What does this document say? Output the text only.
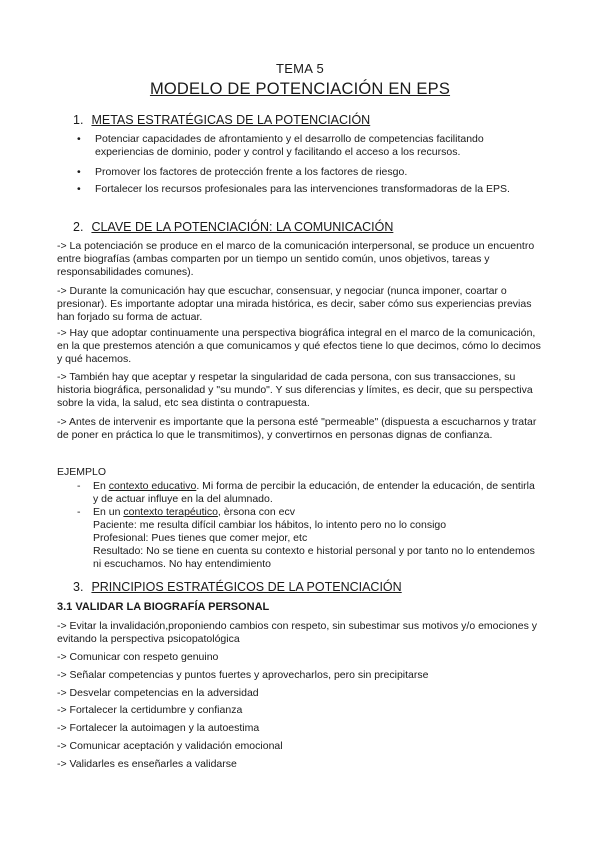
TEMA 5
MODELO DE POTENCIACIÓN EN EPS
1. METAS ESTRATÉGICAS DE LA POTENCIACIÓN
• Potenciar capacidades de afrontamiento y el desarrollo de competencias facilitando experiencias de dominio, poder y control y facilitando el acceso a los recursos.
• Promover los factores de protección frente a los factores de riesgo.
• Fortalecer los recursos profesionales para las intervenciones transformadoras de la EPS.
2. CLAVE DE LA POTENCIACIÓN: LA COMUNICACIÓN
-> La potenciación se produce en el marco de la comunicación interpersonal, se produce un encuentro entre biografías (ambas comparten por un tiempo un sentido común, unos objetivos, tareas y responsabilidades comunes).
-> Durante la comunicación hay que escuchar, consensuar, y negociar (nunca imponer, coartar o presionar). Es importante adoptar una mirada histórica, es decir, saber cómo sus experiencias previas han forjado su forma de actuar.
-> Hay que adoptar continuamente una perspectiva biográfica integral en el marco de la comunicación, en la que prestemos atención a que comunicamos y qué efectos tiene lo que decimos, cómo lo decimos y qué hacemos.
-> También hay que aceptar y respetar la singularidad de cada persona, con sus transacciones, su historia biográfica, personalidad y "su mundo". Y sus diferencias y límites, es decir, que su perspectiva sobre la vida, la salud, etc sea distinta o contrapuesta.
-> Antes de intervenir es importante que la persona esté "permeable" (dispuesta a escucharnos y tratar de poner en práctica lo que le transmitimos), y convertirnos en personas dignas de confianza.
EJEMPLO
- En contexto educativo. Mi forma de percibir la educación, de entender la educación, de sentirla y de actuar influye en la del alumnado.
- En un contexto terapéutico, èrsona con ecv
Paciente: me resulta difícil cambiar los hábitos, lo intento pero no lo consigo
Profesional: Pues tienes que comer mejor, etc
Resultado: No se tiene en cuenta su contexto e historial personal y por tanto no lo entendemos ni escuchamos. No hay entendimiento
3. PRINCIPIOS ESTRATÉGICOS DE LA POTENCIACIÓN
3.1 VALIDAR LA BIOGRAFÍA PERSONAL
-> Evitar la invalidación,proponiendo cambios con respeto, sin subestimar sus motivos y/o emociones y evitando la perspectiva psicopatológica
-> Comunicar con respeto genuino
-> Señalar competencias y puntos fuertes y aprovecharlos, pero sin precipitarse
-> Desvelar competencias en la adversidad
-> Fortalecer la certidumbre y confianza
-> Fortalecer la autoimagen y la autoestima
-> Comunicar aceptación y validación emocional
-> Validarles es enseñarles a validarse
